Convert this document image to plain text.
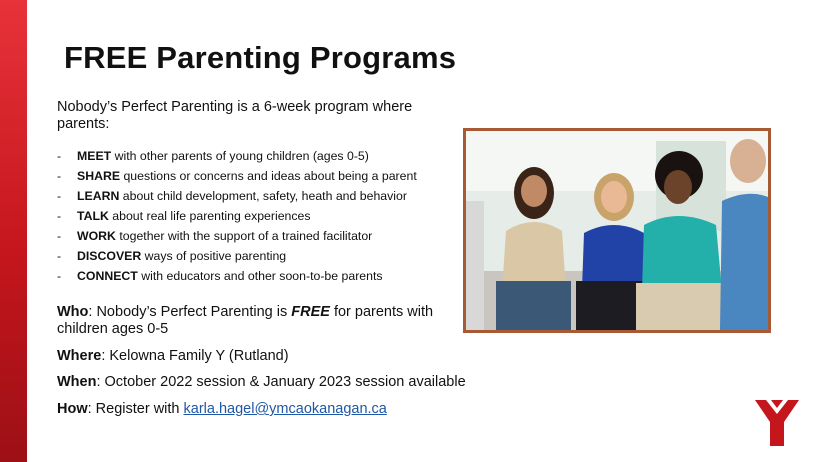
FREE Parenting Programs
Nobody’s Perfect Parenting is a 6-week program where parents:
- MEET with other parents of young children (ages 0-5)
- SHARE questions or concerns and ideas about being a parent
- LEARN about child development, safety, heath and behavior
- TALK about real life parenting experiences
- WORK together with the support of a trained facilitator
- DISCOVER ways of positive parenting
- CONNECT with educators and other soon-to-be parents
Who: Nobody’s Perfect Parenting is FREE for parents with children ages 0-5
Where: Kelowna Family Y (Rutland)
When: October 2022 session & January 2023 session available
How: Register with karla.hagel@ymcaokanagan.ca
